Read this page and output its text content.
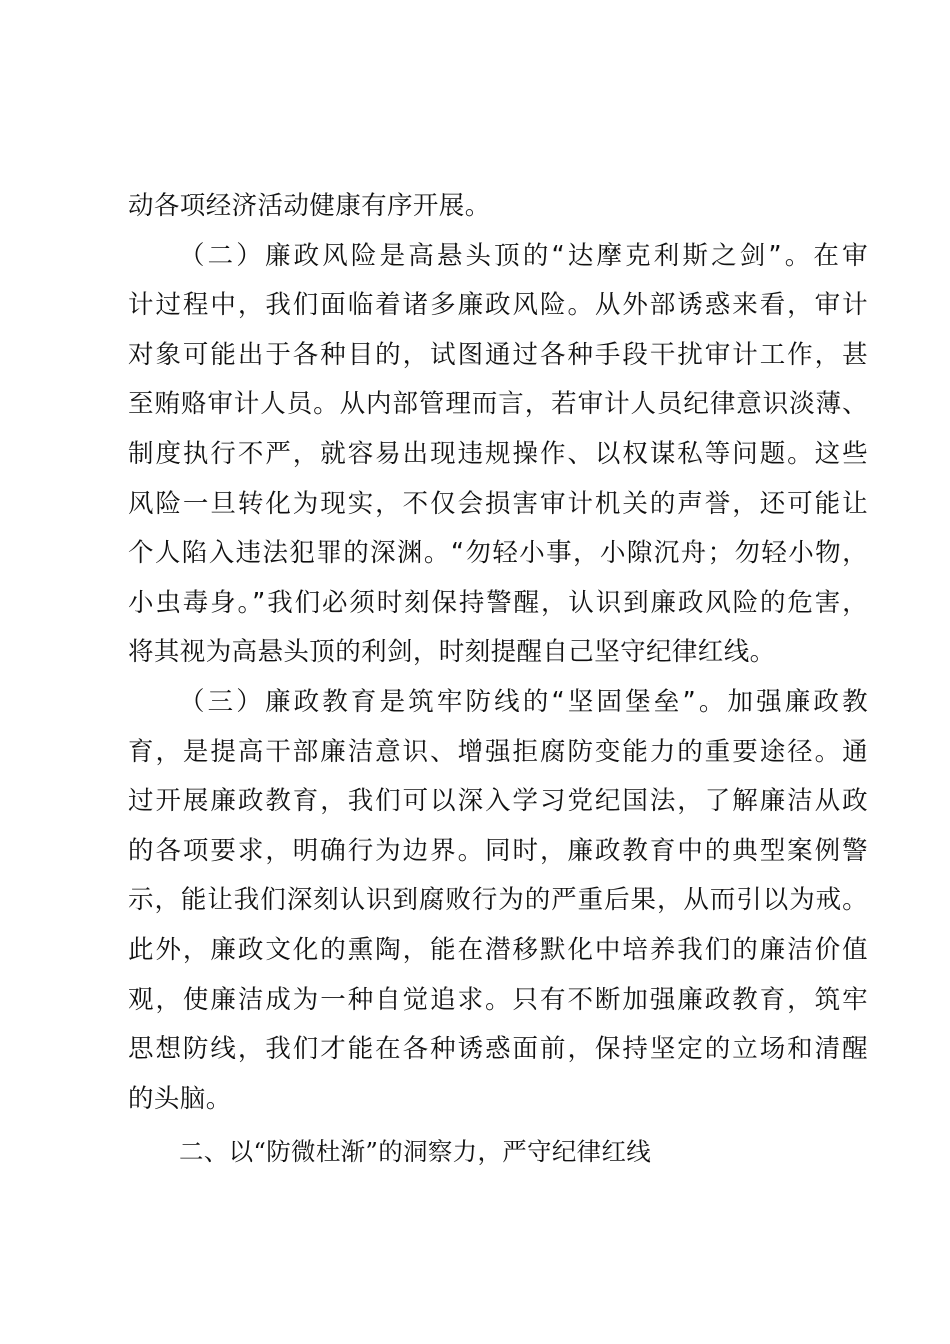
动各项经济活动健康有序开展。
（二）廉政风险是高悬头顶的“达摩克利斯之剑”。在审
计过程中，我们面临着诸多廉政风险。从外部诱惑来看，审计
对象可能出于各种目的，试图通过各种手段干扰审计工作，甚
至贿赂审计人员。从内部管理而言，若审计人员纪律意识淡薄、
制度执行不严，就容易出现违规操作、以权谋私等问题。这些
风险一旦转化为现实，不仅会损害审计机关的声誉，还可能让
个人陷入违法犯罪的深渊。“勿轻小事，小隙沉舟；勿轻小物，
小虫毒身。”我们必须时刻保持警醒，认识到廉政风险的危害，
将其视为高悬头顶的利剑，时刻提醒自己坚守纪律红线。
（三）廉政教育是筑牢防线的“坚固堡垒”。加强廉政教
育，是提高干部廉洁意识、增强拒腐防变能力的重要途径。通
过开展廉政教育，我们可以深入学习党纪国法，了解廉洁从政
的各项要求，明确行为边界。同时，廉政教育中的典型案例警
示，能让我们深刻认识到腐败行为的严重后果，从而引以为戒。
此外，廉政文化的熏陶，能在潜移默化中培养我们的廉洁价值
观，使廉洁成为一种自觉追求。只有不断加强廉政教育，筑牢
思想防线，我们才能在各种诱惑面前，保持坚定的立场和清醒
的头脑。
二、以“防微杜渐”的洞察力，严守纪律红线
